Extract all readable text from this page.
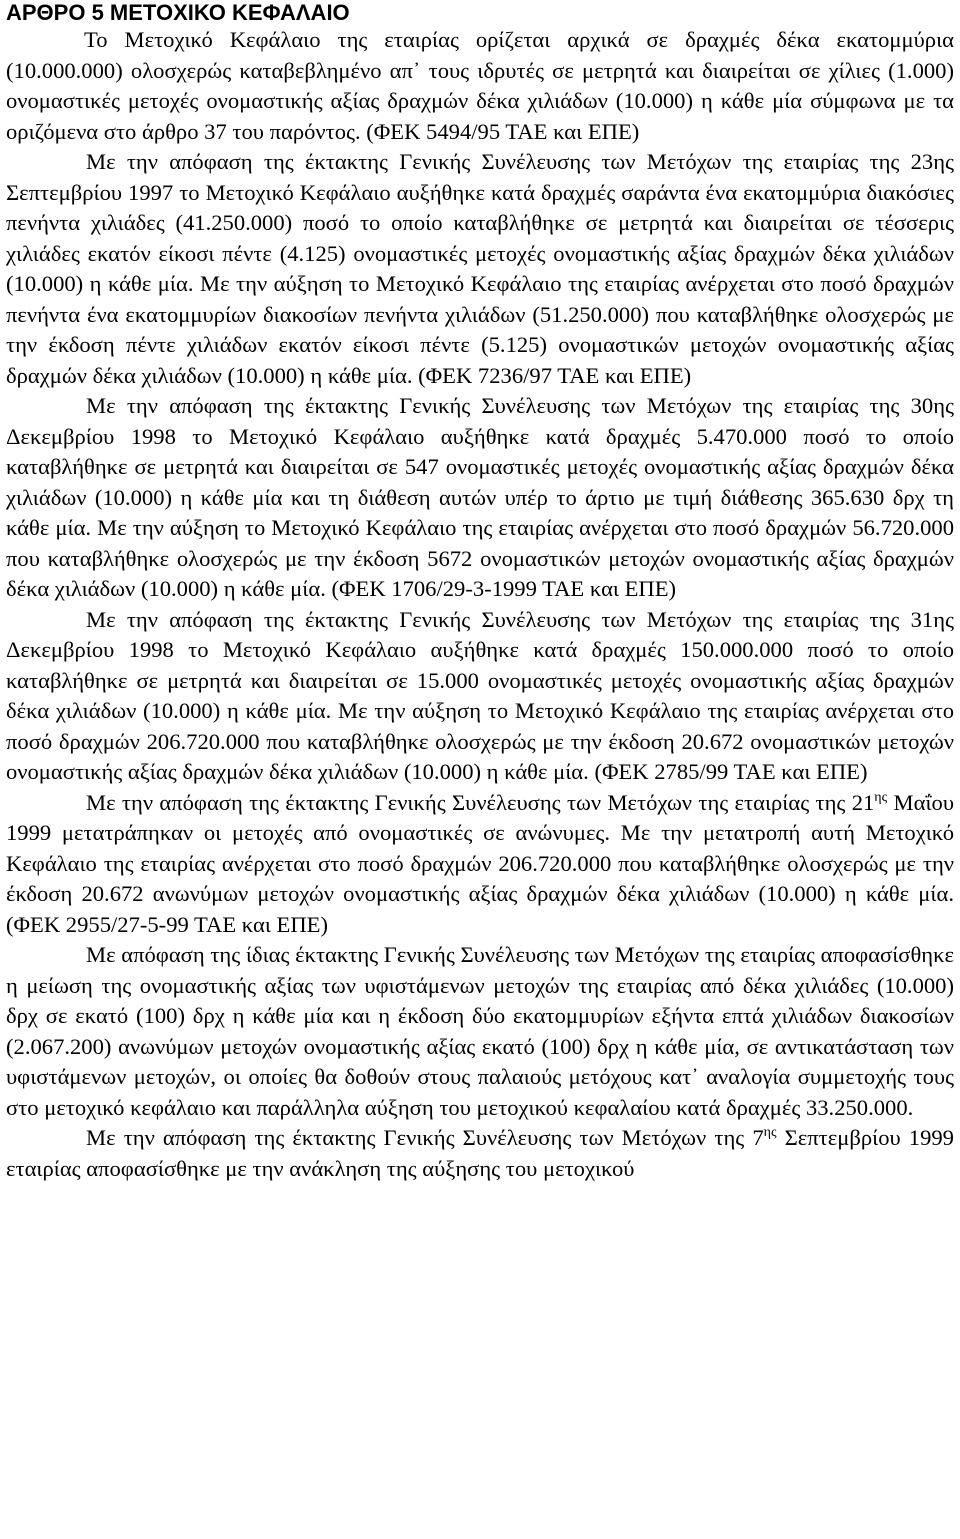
ΑΡΘΡΟ 5 ΜΕΤΟΧΙΚΟ ΚΕΦΑΛΑΙΟ

Το Μετοχικό Κεφάλαιο της εταιρίας ορίζεται αρχικά σε δραχμές δέκα εκατομμύρια (10.000.000) ολοσχερώς καταβεβλημένο απ᾽ τους ιδρυτές σε μετρητά και διαιρείται σε χίλιες (1.000) ονομαστικές μετοχές ονομαστικής αξίας δραχμών δέκα χιλιάδων (10.000) η κάθε μία σύμφωνα με τα οριζόμενα στο άρθρο 37 του παρόντος. (ΦΕΚ 5494/95 ΤΑΕ και ΕΠΕ)

Με την απόφαση της έκτακτης Γενικής Συνέλευσης των Μετόχων της εταιρίας της 23ης Σεπτεμβρίου 1997 το Μετοχικό Κεφάλαιο αυξήθηκε κατά δραχμές σαράντα ένα εκατομμύρια διακόσιες πενήντα χιλιάδες (41.250.000) ποσό το οποίο καταβλήθηκε σε μετρητά και διαιρείται σε τέσσερις χιλιάδες εκατόν είκοσι πέντε (4.125) ονομαστικές μετοχές ονομαστικής αξίας δραχμών δέκα χιλιάδων (10.000) η κάθε μία. Με την αύξηση το Μετοχικό Κεφάλαιο της εταιρίας ανέρχεται στο ποσό δραχμών πενήντα ένα εκατομμυρίων διακοσίων πενήντα χιλιάδων (51.250.000) που καταβλήθηκε ολοσχερώς με την έκδοση πέντε χιλιάδων εκατόν είκοσι πέντε (5.125) ονομαστικών μετοχών ονομαστικής αξίας δραχμών δέκα χιλιάδων (10.000) η κάθε μία. (ΦΕΚ 7236/97 ΤΑΕ και ΕΠΕ)

Με την απόφαση της έκτακτης Γενικής Συνέλευσης των Μετόχων της εταιρίας της 30ης Δεκεμβρίου 1998 το Μετοχικό Κεφάλαιο αυξήθηκε κατά δραχμές 5.470.000 ποσό το οποίο καταβλήθηκε σε μετρητά και διαιρείται σε 547 ονομαστικές μετοχές ονομαστικής αξίας δραχμών δέκα χιλιάδων (10.000) η κάθε μία και τη διάθεση αυτών υπέρ το άρτιο με τιμή διάθεσης 365.630 δρχ τη κάθε μία. Με την αύξηση το Μετοχικό Κεφάλαιο της εταιρίας ανέρχεται στο ποσό δραχμών 56.720.000 που καταβλήθηκε ολοσχερώς με την έκδοση 5672 ονομαστικών μετοχών ονομαστικής αξίας δραχμών δέκα χιλιάδων (10.000) η κάθε μία. (ΦΕΚ 1706/29-3-1999 ΤΑΕ και ΕΠΕ)

Με την απόφαση της έκτακτης Γενικής Συνέλευσης των Μετόχων της εταιρίας της 31ης Δεκεμβρίου 1998 το Μετοχικό Κεφάλαιο αυξήθηκε κατά δραχμές 150.000.000 ποσό το οποίο καταβλήθηκε σε μετρητά και διαιρείται σε 15.000 ονομαστικές μετοχές ονομαστικής αξίας δραχμών δέκα χιλιάδων (10.000) η κάθε μία. Με την αύξηση το Μετοχικό Κεφάλαιο της εταιρίας ανέρχεται στο ποσό δραχμών 206.720.000 που καταβλήθηκε ολοσχερώς με την έκδοση 20.672 ονομαστικών μετοχών ονομαστικής αξίας δραχμών δέκα χιλιάδων (10.000) η κάθε μία. (ΦΕΚ 2785/99 ΤΑΕ και ΕΠΕ)

Με την απόφαση της έκτακτης Γενικής Συνέλευσης των Μετόχων της εταιρίας της $21^{\eta\varsigma}$ Μαΐου 1999 μετατράπηκαν οι μετοχές από ονομαστικές σε ανώνυμες. Με την μετατροπή αυτή Μετοχικό Κεφάλαιο της εταιρίας ανέρχεται στο ποσό δραχμών 206.720.000 που καταβλήθηκε ολοσχερώς με την έκδοση 20.672 ανωνύμων μετοχών ονομαστικής αξίας δραχμών δέκα χιλιάδων (10.000) η κάθε μία. (ΦΕΚ 2955/27-5-99 ΤΑΕ και ΕΠΕ)

Με απόφαση της ίδιας έκτακτης Γενικής Συνέλευσης των Μετόχων της εταιρίας αποφασίσθηκε η μείωση της ονομαστικής αξίας των υφιστάμενων μετοχών της εταιρίας από δέκα χιλιάδες (10.000) δρχ σε εκατό (100) δρχ η κάθε μία και η έκδοση δύο εκατομμυρίων εξήντα επτά χιλιάδων διακοσίων (2.067.200) ανωνύμων μετοχών ονομαστικής αξίας εκατό (100) δρχ η κάθε μία, σε αντικατάσταση των υφιστάμενων μετοχών, οι οποίες θα δοθούν στους παλαιούς μετόχους κατ᾽ αναλογία συμμετοχής τους στο μετοχικό κεφάλαιο και παράλληλα αύξηση του μετοχικού κεφαλαίου κατά δραχμές 33.250.000.

Με την απόφαση της έκτακτης Γενικής Συνέλευσης των Μετόχων της $7^{\eta\varsigma}$ Σεπτεμβρίου 1999 εταιρίας αποφασίσθηκε με την ανάκληση της αύξησης του μετοχικού
